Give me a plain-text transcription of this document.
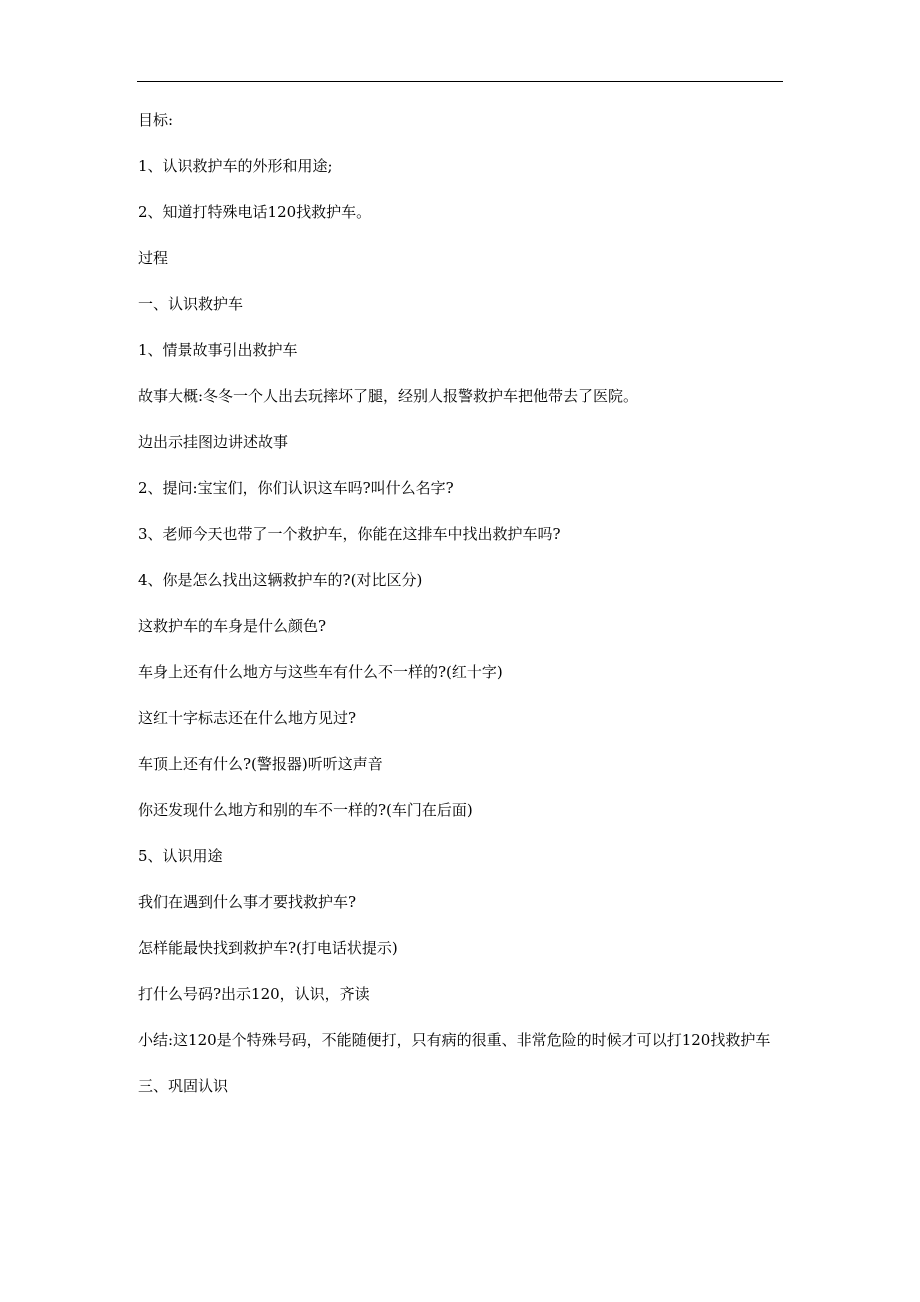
目标:

1、认识救护车的外形和用途;

2、知道打特殊电话120找救护车。

过程

一、认识救护车

1、情景故事引出救护车

故事大概:冬冬一个人出去玩摔坏了腿，经别人报警救护车把他带去了医院。

边出示挂图边讲述故事

2、提问:宝宝们，你们认识这车吗?叫什么名字?

3、老师今天也带了一个救护车，你能在这排车中找出救护车吗?

4、你是怎么找出这辆救护车的?(对比区分)

这救护车的车身是什么颜色?

车身上还有什么地方与这些车有什么不一样的?(红十字)

这红十字标志还在什么地方见过?

车顶上还有什么?(警报器)听听这声音

你还发现什么地方和别的车不一样的?(车门在后面)

5、认识用途

我们在遇到什么事才要找救护车?

怎样能最快找到救护车?(打电话状提示)

打什么号码?出示120，认识，齐读

小结:这120是个特殊号码，不能随便打，只有病的很重、非常危险的时候才可以打120找救护车

三、巩固认识
